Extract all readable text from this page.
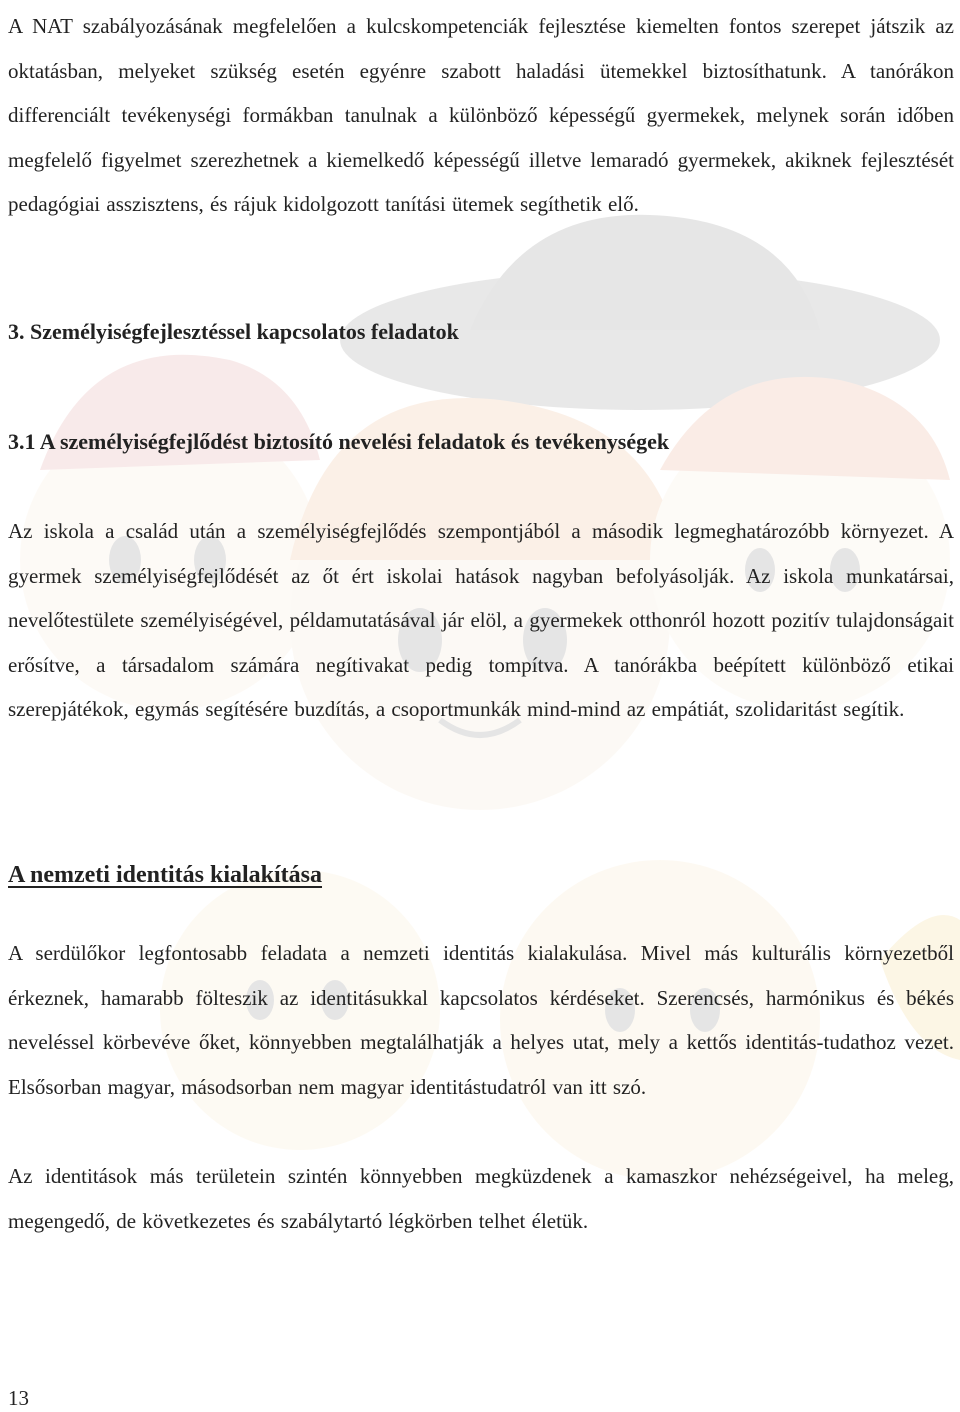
A NAT szabályozásának megfelelően a kulcskompetenciák fejlesztése kiemelten fontos szerepet játszik az oktatásban, melyeket szükség esetén egyénre szabott haladási ütemekkel biztosíthatunk. A tanórákon differenciált tevékenységi formákban tanulnak a különböző képességű gyermekek, melynek során időben megfelelő figyelmet szerezhetnek a kiemelkedő képességű illetve lemaradó gyermekek, akiknek fejlesztését pedagógiai asszisztens, és rájuk kidolgozott tanítási ütemek segíthetik elő.

3. Személyiségfejlesztéssel kapcsolatos feladatok
3.1 A személyiségfejlődést biztosító nevelési feladatok és tevékenységek

Az iskola a család után a személyiségfejlődés szempontjából a második legmeghatározóbb környezet. A gyermek személyiségfejlődését az őt ért iskolai hatások nagyban befolyásolják. Az iskola munkatársai, nevelőtestülete személyiségével, példamutatásával jár elöl, a gyermekek otthonról hozott pozitív tulajdonságait erősítve, a társadalom számára negítivakat pedig tompítva. A tanórákba beépített különböző etikai szerepjátékok, egymás segítésére buzdítás, a csoportmunkák mind-mind az empátiát, szolidaritást segítik.

A nemzeti identitás kialakítása

A serdülőkor legfontosabb feladata a nemzeti identitás kialakulása. Mivel más kulturális környezetből érkeznek, hamarabb fölteszik az identitásukkal kapcsolatos kérdéseket. Szerencsés, harmónikus és békés neveléssel körbevéve őket, könnyebben megtalálhatják a helyes utat, mely a kettős identitás-tudathoz vezet. Elsősorban magyar, másodsorban nem magyar identitástudatról van itt szó.

Az identitások más területein szintén könnyebben megküzdenek a kamaszkor nehézségeivel, ha meleg, megengedő, de következetes és szabálytartó légkörben telhet életük.

13
